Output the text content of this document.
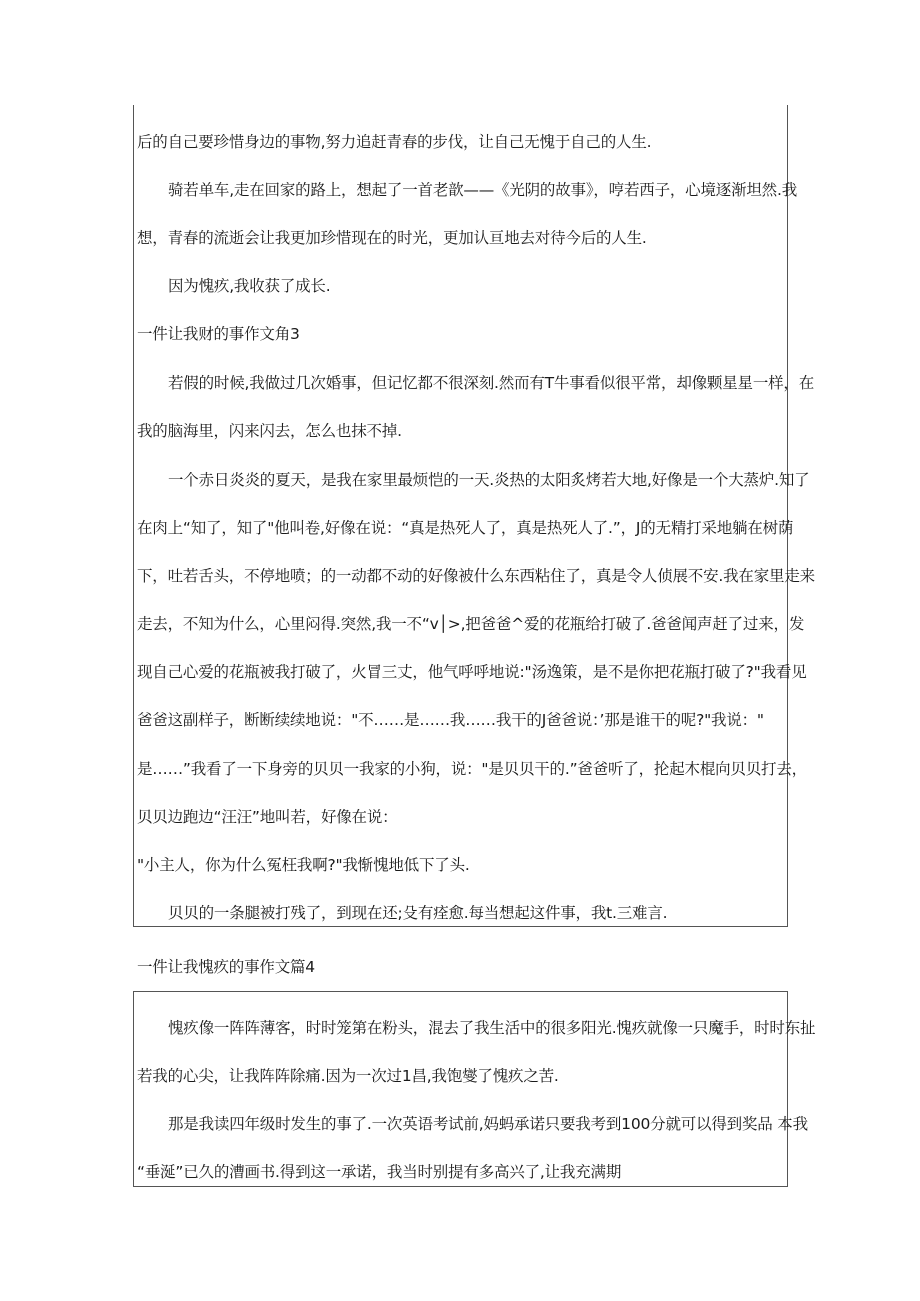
后的自己要珍惜身边的事物,努力追赶青春的步伐，让自己无愧于自己的人生.
骑若单车,走在回家的路上，想起了一首老歆——《光阴的故事》，哼若西子，心境逐渐坦然.我
想，青春的流逝会让我更加珍惜现在的时光，更加认亘地去对待今后的人生.
因为愧疚,我收获了成长.
一件让我财的事作文角3
若假的时候,我做过几次婚事，但记忆都不很深刻.然而有T牛事看似很平常，却像颗星星一样，在
我的脑海里，闪来闪去，怎么也抹不掉.
一个赤日炎炎的夏天，是我在家里最烦恺的一天.炎热的太阳炙烤若大地,好像是一个大蒸炉.知了
在肉上“知了，知了"他叫卷,好像在说：“真是热死人了，真是热死人了.”，J的无精打采地躺在树荫
下，吐若舌头，不停地喷；的一动都不动的好像被什么东西粘住了，真是令人侦展不安.我在家里走来
走去，不知为什么，心里闷得.突然,我一不“v│>,把爸爸^爱的花瓶给打破了.爸爸闻声赶了过来，发
现自己心爱的花瓶被我打破了，火冒三丈，他气呼呼地说:"汤逸策，是不是你把花瓶打破了?"我看见
爸爸这副样子，断断续续地说："不……是……我……我干的J爸爸说：’那是谁干的呢?"我说："
是……”我看了一下身旁的贝贝一我家的小狗，说："是贝贝干的.”爸爸听了，抡起木棍向贝贝打去，
贝贝边跑边“汪汪”地叫若，好像在说：
"小主人，你为什么冤枉我啊?"我惭愧地低下了头.
贝贝的一条腿被打残了，到现在还;殳有痊愈.每当想起这件事，我t.三难言.
一件让我愧疚的事作文篇4
愧疚像一阵阵薄客，时时笼第在粉头，混去了我生活中的很多阳光.愧疚就像一只魔手，时时东扯
若我的心尖，让我阵阵除痛.因为一次过1昌,我饱燮了愧疚之苦.
那是我读四年级时发生的事了.一次英语考试前,妈蚂承诺只要我考到100分就可以得到奖品 本我
“垂涎”已久的漕画书.得到这一承诺，我当时别提有多高兴了,让我充满期
